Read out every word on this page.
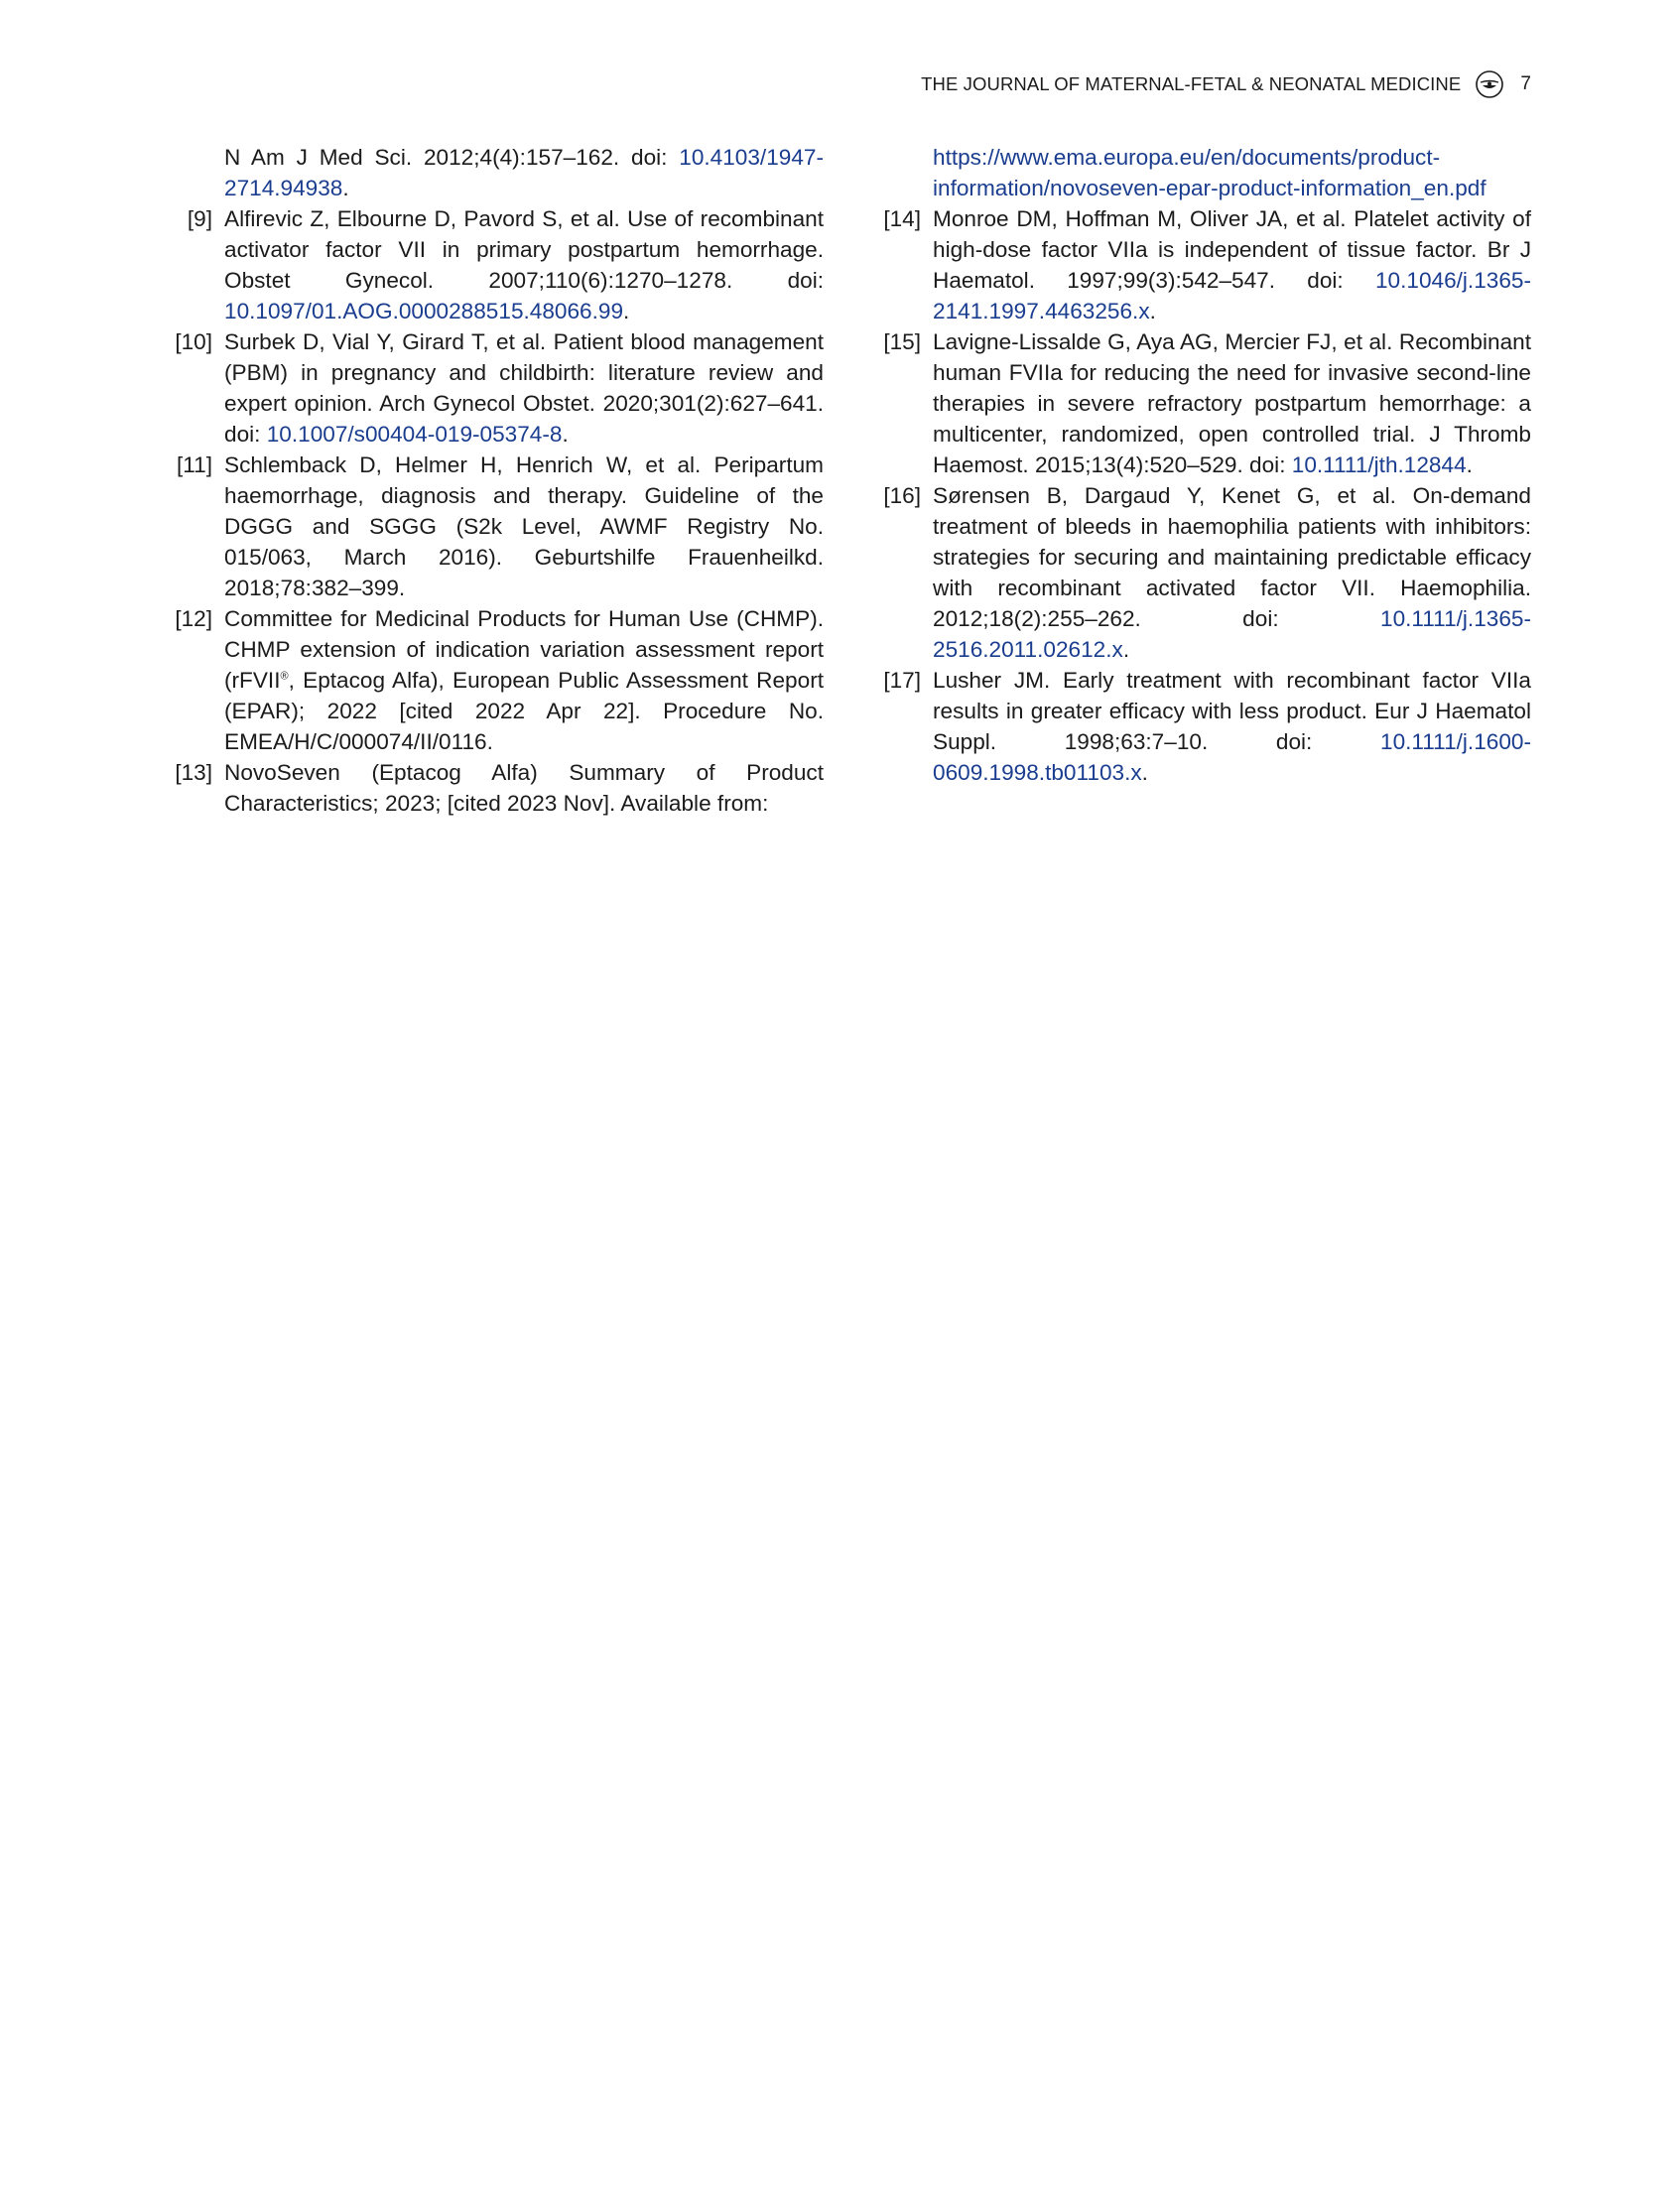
THE JOURNAL OF MATERNAL-FETAL & NEONATAL MEDICINE	7
N Am J Med Sci. 2012;4(4):157–162. doi: 10.4103/1947-2714.94938.
[9] Alfirevic Z, Elbourne D, Pavord S, et al. Use of recombinant activator factor VII in primary postpartum hemorrhage. Obstet Gynecol. 2007;110(6):1270–1278. doi: 10.1097/01.AOG.0000288515.48066.99.
[10] Surbek D, Vial Y, Girard T, et al. Patient blood management (PBM) in pregnancy and childbirth: literature review and expert opinion. Arch Gynecol Obstet. 2020;301(2):627–641. doi: 10.1007/s00404-019-05374-8.
[11] Schlemback D, Helmer H, Henrich W, et al. Peripartum haemorrhage, diagnosis and therapy. Guideline of the DGGG and SGGG (S2k Level, AWMF Registry No. 015/063, March 2016). Geburtshilfe Frauenheilkd. 2018;78:382–399.
[12] Committee for Medicinal Products for Human Use (CHMP). CHMP extension of indication variation assessment report (rFVII®, Eptacog Alfa), European Public Assessment Report (EPAR); 2022 [cited 2022 Apr 22]. Procedure No. EMEA/H/C/000074/II/0116.
[13] NovoSeven (Eptacog Alfa) Summary of Product Characteristics; 2023; [cited 2023 Nov]. Available from:
https://www.ema.europa.eu/en/documents/product-information/novoseven-epar-product-information_en.pdf
[14] Monroe DM, Hoffman M, Oliver JA, et al. Platelet activity of high-dose factor VIIa is independent of tissue factor. Br J Haematol. 1997;99(3):542–547. doi: 10.1046/j.1365-2141.1997.4463256.x.
[15] Lavigne-Lissalde G, Aya AG, Mercier FJ, et al. Recombinant human FVIIa for reducing the need for invasive second-line therapies in severe refractory postpartum hemorrhage: a multicenter, randomized, open controlled trial. J Thromb Haemost. 2015;13(4):520–529. doi: 10.1111/jth.12844.
[16] Sørensen B, Dargaud Y, Kenet G, et al. On-demand treatment of bleeds in haemophilia patients with inhibitors: strategies for securing and maintaining predictable efficacy with recombinant activated factor VII. Haemophilia. 2012;18(2):255–262. doi: 10.1111/j.1365-2516.2011.02612.x.
[17] Lusher JM. Early treatment with recombinant factor VIIa results in greater efficacy with less product. Eur J Haematol Suppl. 1998;63:7–10. doi: 10.1111/j.1600-0609.1998.tb01103.x.
